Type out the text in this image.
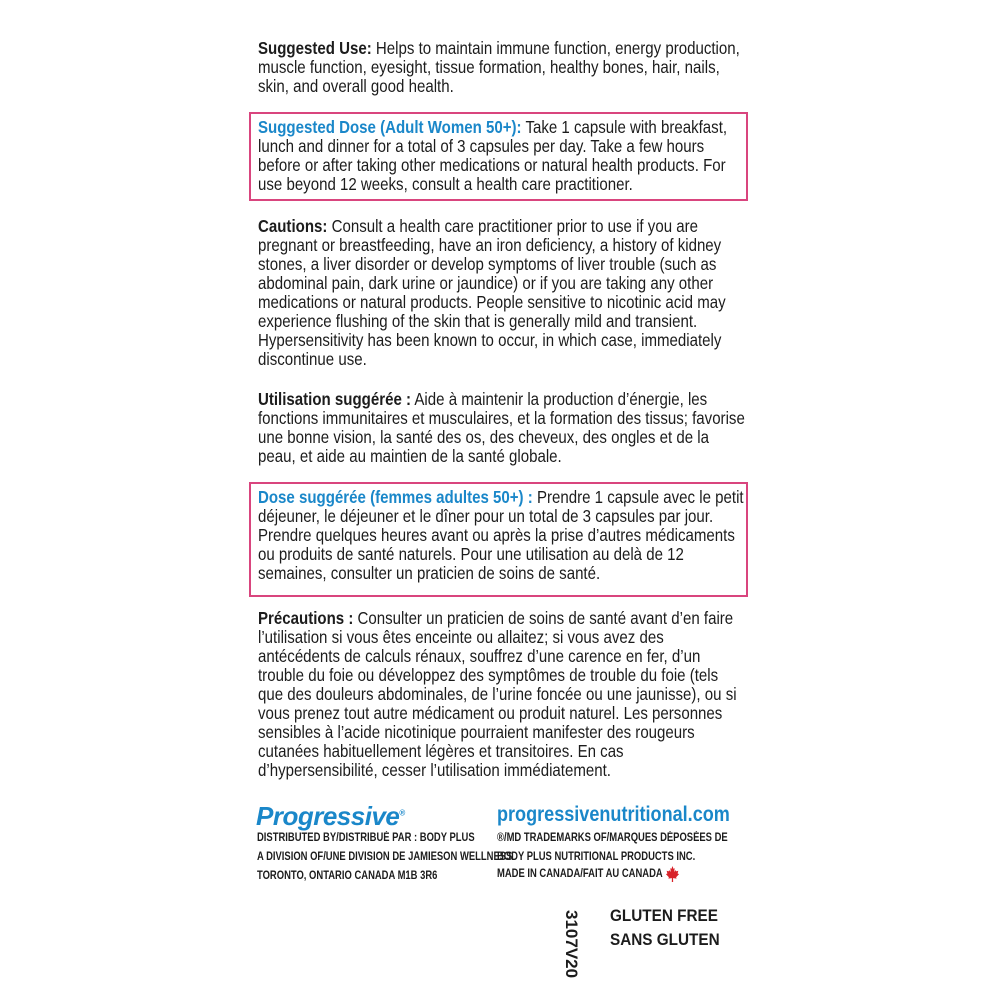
Suggested Use: Helps to maintain immune function, energy production, muscle function, eyesight, tissue formation, healthy bones, hair, nails, skin, and overall good health.

Suggested Dose (Adult Women 50+): Take 1 capsule with breakfast, lunch and dinner for a total of 3 capsules per day. Take a few hours before or after taking other medications or natural health products. For use beyond 12 weeks, consult a health care practitioner.

Cautions: Consult a health care practitioner prior to use if you are pregnant or breastfeeding, have an iron deficiency, a history of kidney stones, a liver disorder or develop symptoms of liver trouble (such as abdominal pain, dark urine or jaundice) or if you are taking any other medications or natural products. People sensitive to nicotinic acid may experience flushing of the skin that is generally mild and transient. Hypersensitivity has been known to occur, in which case, immediately discontinue use.

Utilisation suggérée : Aide à maintenir la production d’énergie, les fonctions immunitaires et musculaires, et la formation des tissus; favorise une bonne vision, la santé des os, des cheveux, des ongles et de la peau, et aide au maintien de la santé globale.

Dose suggérée (femmes adultes 50+) : Prendre 1 capsule avec le petit déjeuner, le déjeuner et le dîner pour un total de 3 capsules par jour. Prendre quelques heures avant ou après la prise d’autres médicaments ou produits de santé naturels. Pour une utilisation au delà de 12 semaines, consulter un praticien de soins de santé.

Précautions : Consulter un praticien de soins de santé avant d’en faire l’utilisation si vous êtes enceinte ou allaitez; si vous avez des antécédents de calculs rénaux, souffrez d’une carence en fer, d’un trouble du foie ou développez des symptômes de trouble du foie (tels que des douleurs abdominales, de l’urine foncée ou une jaunisse), ou si vous prenez tout autre médicament ou produit naturel. Les personnes sensibles à l’acide nicotinique pourraient manifester des rougeurs cutanées habituellement légères et transitoires. En cas d’hypersensibilité, cesser l’utilisation immédiatement.

Progressive®
DISTRIBUTED BY/DISTRIBUÉ PAR : BODY PLUS
A DIVISION OF/UNE DIVISION DE JAMIESON WELLNESS
TORONTO, ONTARIO CANADA M1B 3R6
progressivenutritional.com
®/MD TRADEMARKS OF/MARQUES DÉPOSÉES DE
BODY PLUS NUTRITIONAL PRODUCTS INC.
MADE IN CANADA/FAIT AU CANADA
3107V20 GLUTEN FREE
SANS GLUTEN
